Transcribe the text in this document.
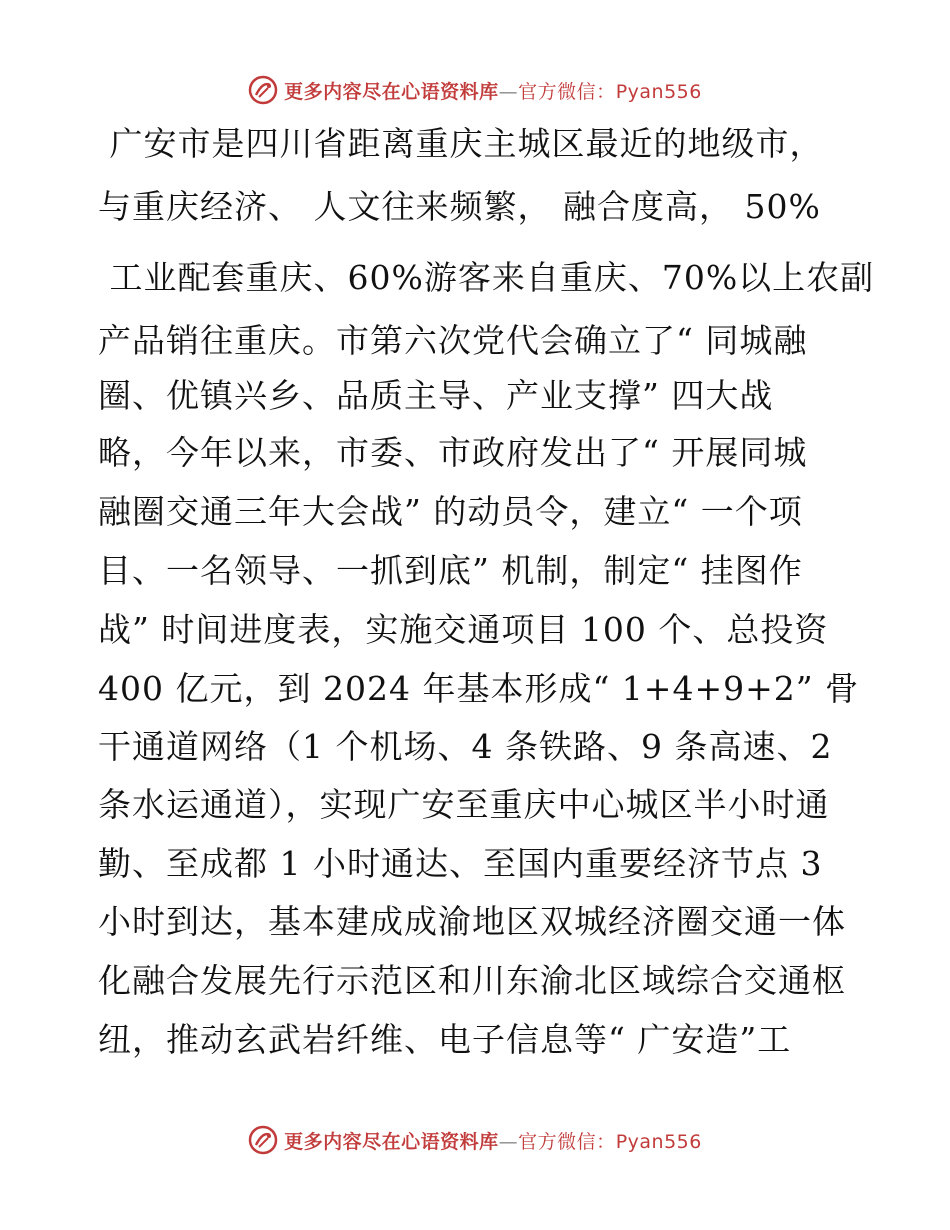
更多内容尽在心语资料库—官方微信：Pyan556
广安市是四川省距离重庆主城区最近的地级市，
与重庆经济、 人文往来频繁， 融合度高， 50%
工业配套重庆、60%游客来自重庆、70%以上农副
产品销往重庆。市第六次党代会确立了“ 同城融
圈、优镇兴乡、品质主导、产业支撑” 四大战
略，今年以来，市委、市政府发出了“ 开展同城
融圈交通三年大会战” 的动员令，建立“ 一个项
目、一名领导、一抓到底” 机制，制定“ 挂图作
战” 时间进度表，实施交通项目 100 个、总投资
400 亿元，到 2024 年基本形成“ 1+4+9+2” 骨
干通道网络（1 个机场、4 条铁路、9 条高速、2
条水运通道），实现广安至重庆中心城区半小时通
勤、至成都 1 小时通达、至国内重要经济节点 3
小时到达，基本建成成渝地区双城经济圈交通一体
化融合发展先行示范区和川东渝北区域综合交通枢
纽，推动玄武岩纤维、电子信息等“ 广安造”工
更多内容尽在心语资料库—官方微信：Pyan556
